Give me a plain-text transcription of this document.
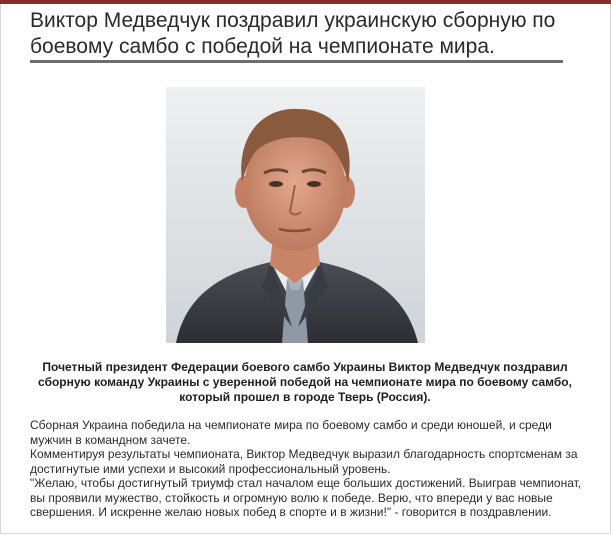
Виктор Медведчук поздравил украинскую сборную по боевому самбо с победой на чемпионате мира.

Почетный президент Федерации боевого самбо Украины Виктор Медведчук поздравил сборную команду Украины с уверенной победой на чемпионате мира по боевому самбо, который прошел в городе Тверь (Россия).

Сборная Украина победила на чемпионате мира по боевому самбо и среди юношей, и среди мужчин в командном зачете.

Комментируя результаты чемпионата, Виктор Медведчук выразил благодарность спортсменам за достигнутые ими успехи и высокий профессиональный уровень.

"Желаю, чтобы достигнутый триумф стал началом еще больших достижений. Выиграв чемпионат, вы проявили мужество, стойкость и огромную волю к победе. Верю, что впереди у вас новые свершения. И искренне желаю новых побед в спорте и в жизни!" - говорится в поздравлении.
